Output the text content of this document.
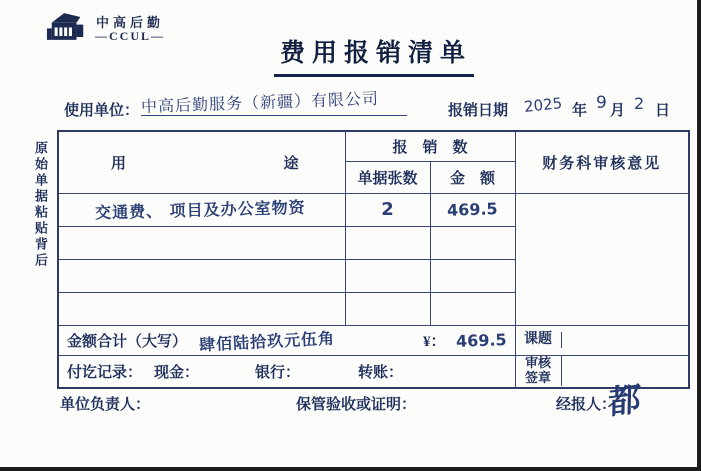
中高后勤
—CCUL—
费用报销清单
使用单位： 中高后勤服务（新疆）有限公司	报销日期 2025 年 9 月 2 日
原始单据粘贴背后	用 途	报　销　数		财务科审核意见
	单据张数	金　额	
交通费、 项目及办公室物资	2	469.5	

金额合计（大写） 肆佰陆拾玖元伍角 ¥： 469.5			课题

付讫记录： 现金： 银行： 转账：			审核签章
单位负责人：	保管验收或证明：	经报人：
都
